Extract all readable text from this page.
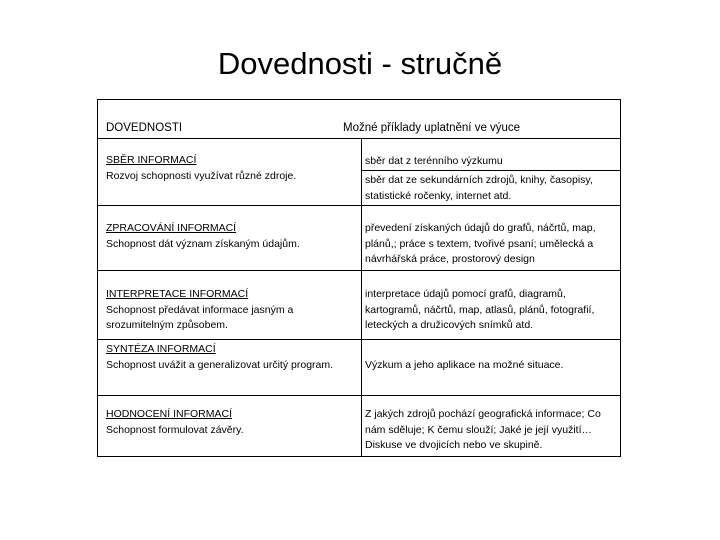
Dovednosti - stručně
DOVEDNOSTI	Možné příklady uplatnění ve výuce
SBĚR INFORMACÍ
Rozvoj schopnosti využívat různé zdroje.
sběr dat z terénního výzkumu
sběr dat ze sekundárních zdrojů, knihy, časopisy, statistické ročenky, internet atd.
ZPRACOVÁNÍ INFORMACÍ
Schopnost dát význam získaným údajům.
převedení získaných údajů do grafů, náčrtů, map, plánů,; práce s textem, tvořivé psaní; umělecká a návrhářská práce, prostorový design
INTERPRETACE INFORMACÍ
Schopnost předávat informace jasným a srozumitelným způsobem.
interpretace údajů pomocí grafů, diagramů, kartogramů, náčrtů, map, atlasů, plánů, fotografií, leteckých a družicových snímků atd.
SYNTÉZA INFORMACÍ
Schopnost uvážit a generalizovat určitý program.	Výzkum a jeho aplikace na možné situace.
HODNOCENÍ INFORMACÍ
Schopnost formulovat závěry.
Z jakých zdrojů pochází geografická informace; Co nám sděluje; K čemu slouží; Jaké je její využití… Diskuse ve dvojicích nebo ve skupině.
